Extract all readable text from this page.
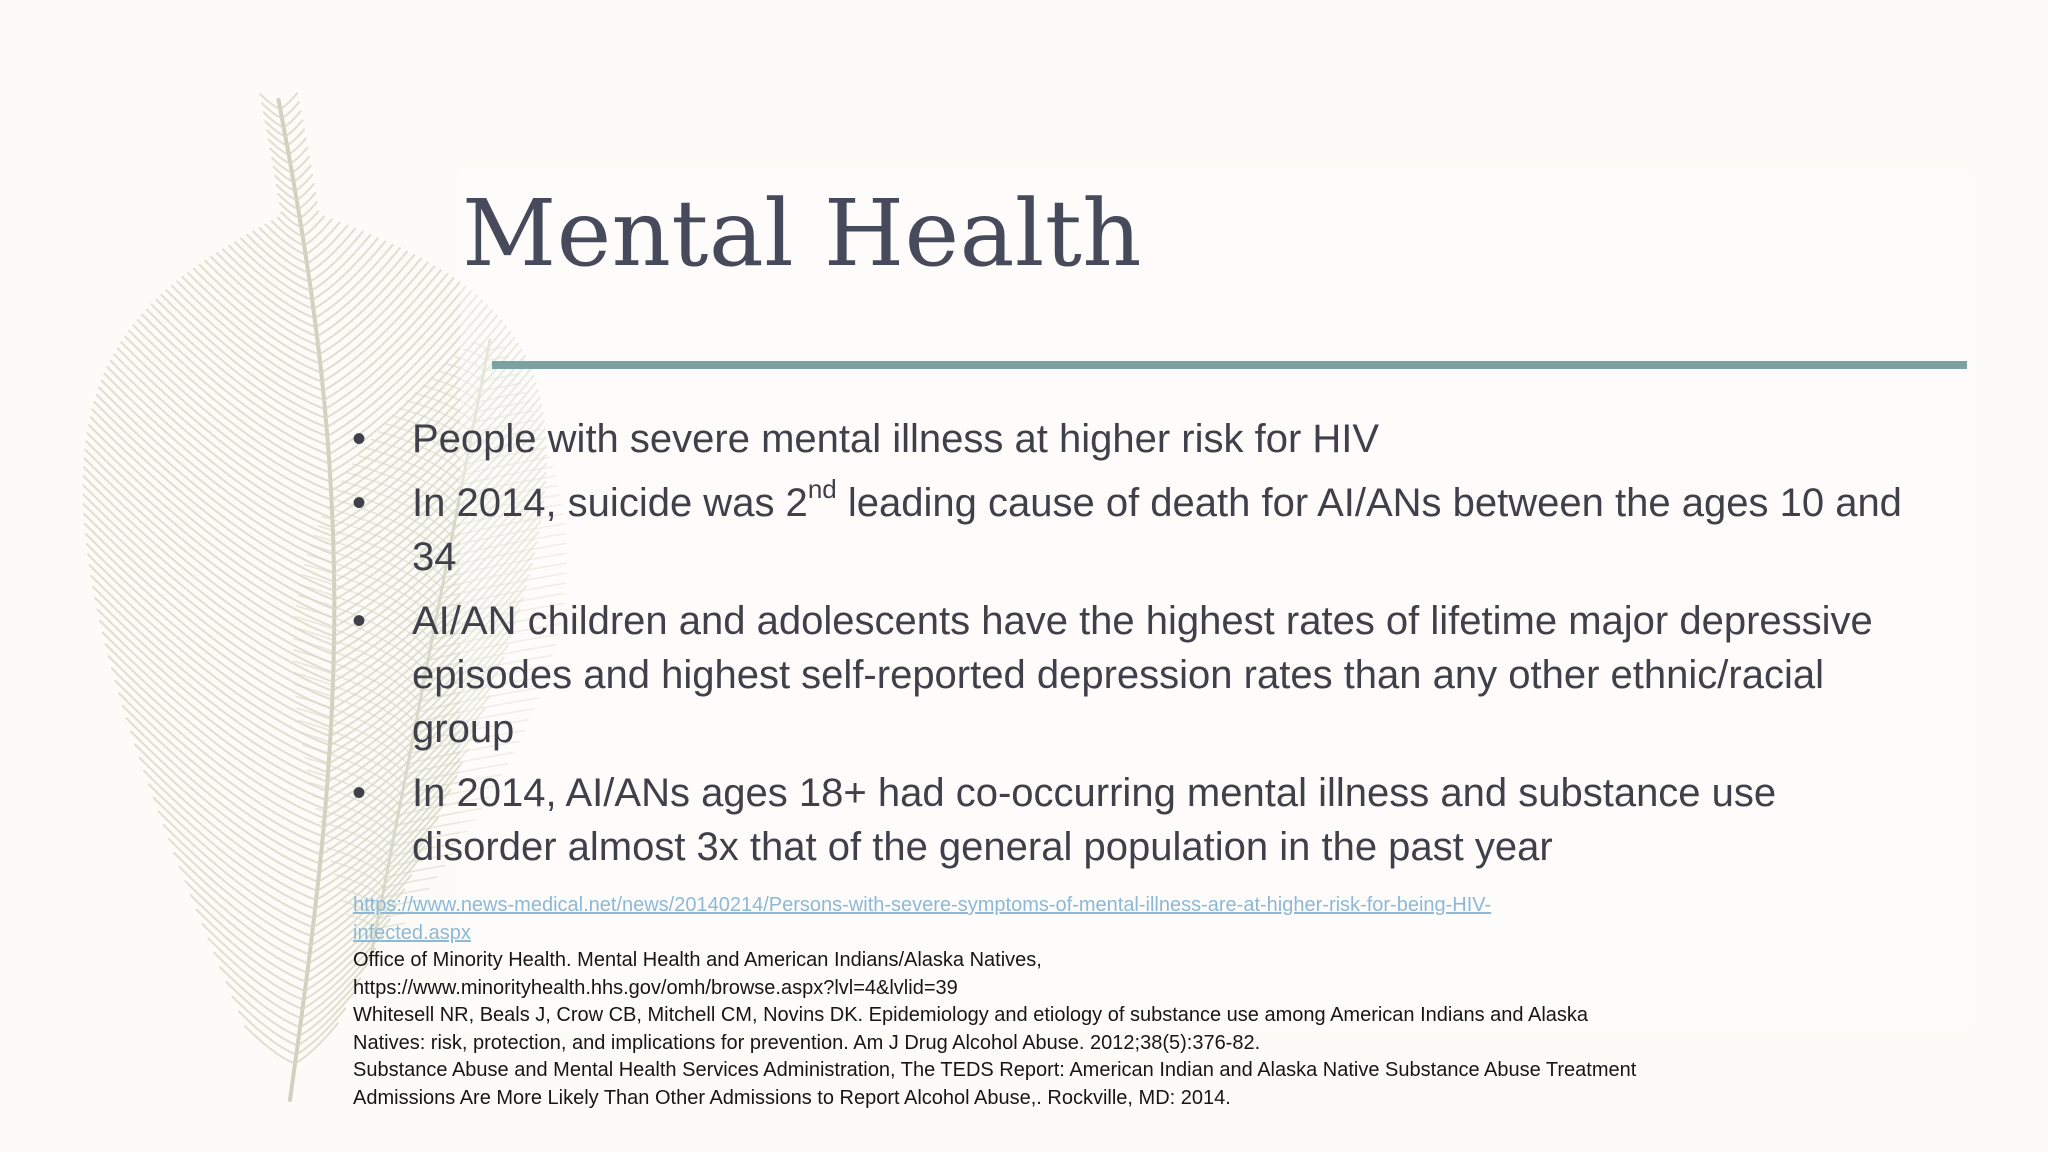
Mental Health
•	People with severe mental illness at higher risk for HIV
•	In 2014, suicide was 2nd leading cause of death for AI/ANs between the ages 10 and 34
•	AI/AN children and adolescents have the highest rates of lifetime major depressive episodes and highest self-reported depression rates than any other ethnic/racial group
•	In 2014, AI/ANs ages 18+ had co-occurring mental illness and substance use disorder almost 3x that of the general population in the past year
https://www.news-medical.net/news/20140214/Persons-with-severe-symptoms-of-mental-illness-are-at-higher-risk-for-being-HIV-
infected.aspx
Office of Minority Health. Mental Health and American Indians/Alaska Natives,
https://www.minorityhealth.hhs.gov/omh/browse.aspx?lvl=4&lvlid=39
Whitesell NR, Beals J, Crow CB, Mitchell CM, Novins DK. Epidemiology and etiology of substance use among American Indians and Alaska
Natives: risk, protection, and implications for prevention. Am J Drug Alcohol Abuse. 2012;38(5):376-82.
Substance Abuse and Mental Health Services Administration, The TEDS Report: American Indian and Alaska Native Substance Abuse Treatment
Admissions Are More Likely Than Other Admissions to Report Alcohol Abuse,. Rockville, MD: 2014.
